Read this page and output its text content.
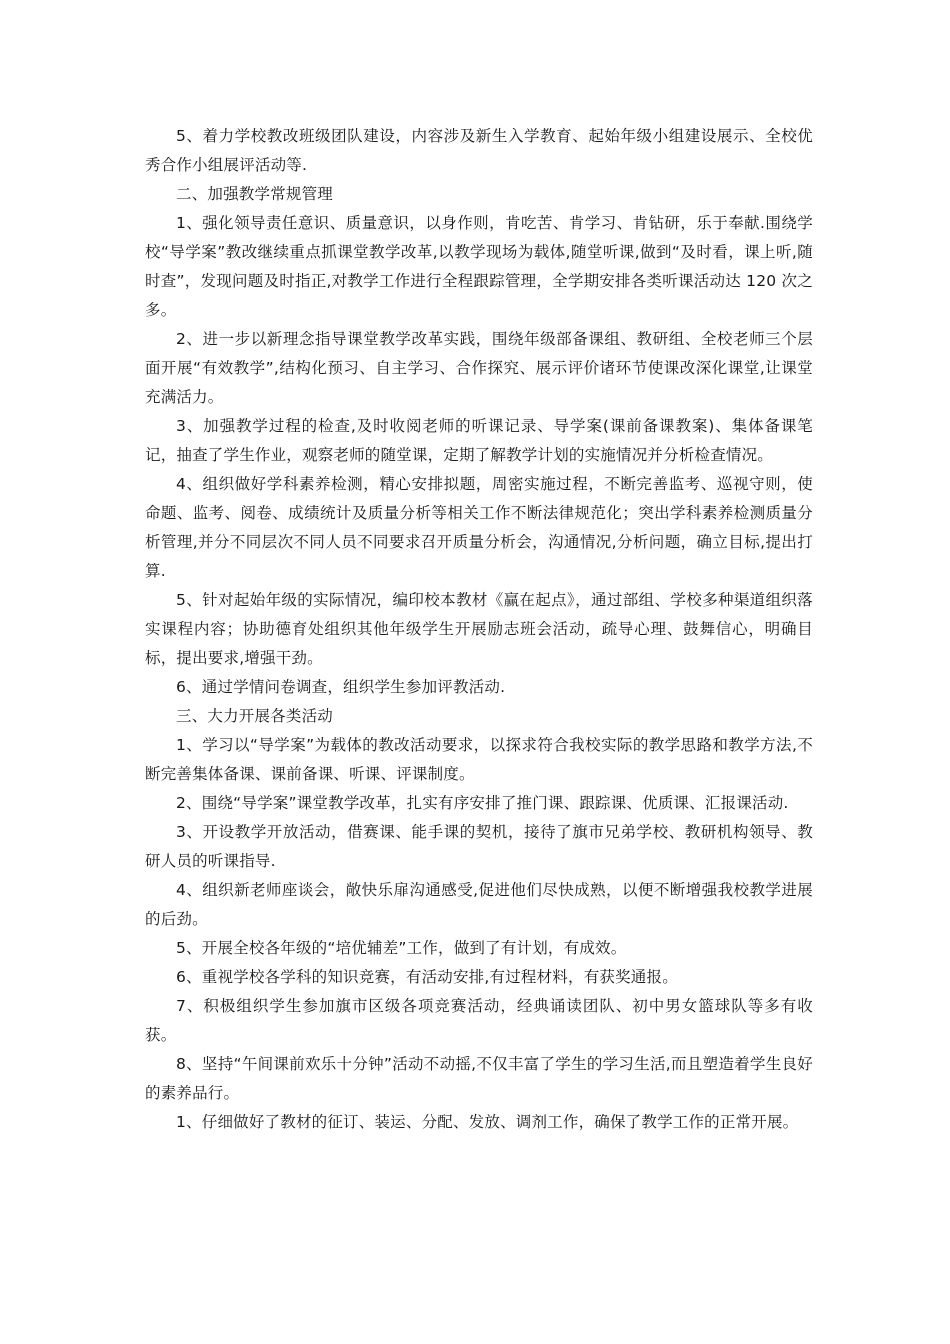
5、着力学校教改班级团队建设，内容涉及新生入学教育、起始年级小组建设展示、全校优秀合作小组展评活动等.

二、加强教学常规管理

1、强化领导责任意识、质量意识，以身作则，肯吃苦、肯学习、肯钻研，乐于奉献.围绕学校“导学案”教改继续重点抓课堂教学改革,以教学现场为载体,随堂听课,做到“及时看，课上听,随时查”，发现问题及时指正,对教学工作进行全程跟踪管理，全学期安排各类听课活动达 120 次之多。

2、进一步以新理念指导课堂教学改革实践，围绕年级部备课组、教研组、全校老师三个层面开展“有效教学”,结构化预习、自主学习、合作探究、展示评价诸环节使课改深化课堂,让课堂充满活力。

3、加强教学过程的检查,及时收阅老师的听课记录、导学案(课前备课教案)、集体备课笔记，抽查了学生作业，观察老师的随堂课，定期了解教学计划的实施情况并分析检查情况。

4、组织做好学科素养检测，精心安排拟题，周密实施过程，不断完善监考、巡视守则，使命题、监考、阅卷、成绩统计及质量分析等相关工作不断法律规范化；突出学科素养检测质量分析管理,并分不同层次不同人员不同要求召开质量分析会，沟通情况,分析问题，确立目标,提出打算.

5、针对起始年级的实际情况，编印校本教材《赢在起点》，通过部组、学校多种渠道组织落实课程内容；协助德育处组织其他年级学生开展励志班会活动，疏导心理、鼓舞信心，明确目标，提出要求,增强干劲。

6、通过学情问卷调查，组织学生参加评教活动.

三、大力开展各类活动

1、学习以“导学案”为载体的教改活动要求，以探求符合我校实际的教学思路和教学方法,不断完善集体备课、课前备课、听课、评课制度。

2、围绕“导学案”课堂教学改革，扎实有序安排了推门课、跟踪课、优质课、汇报课活动.

3、开设教学开放活动，借赛课、能手课的契机，接待了旗市兄弟学校、教研机构领导、教研人员的听课指导.

4、组织新老师座谈会，敞快乐扉沟通感受,促进他们尽快成熟，以便不断增强我校教学进展的后劲。

5、开展全校各年级的“培优辅差”工作，做到了有计划，有成效。

6、重视学校各学科的知识竞赛，有活动安排,有过程材料，有获奖通报。

7、积极组织学生参加旗市区级各项竞赛活动，经典诵读团队、初中男女篮球队等多有收获。

8、坚持“午间课前欢乐十分钟”活动不动摇,不仅丰富了学生的学习生活,而且塑造着学生良好的素养品行。

1、仔细做好了教材的征订、装运、分配、发放、调剂工作，确保了教学工作的正常开展。
